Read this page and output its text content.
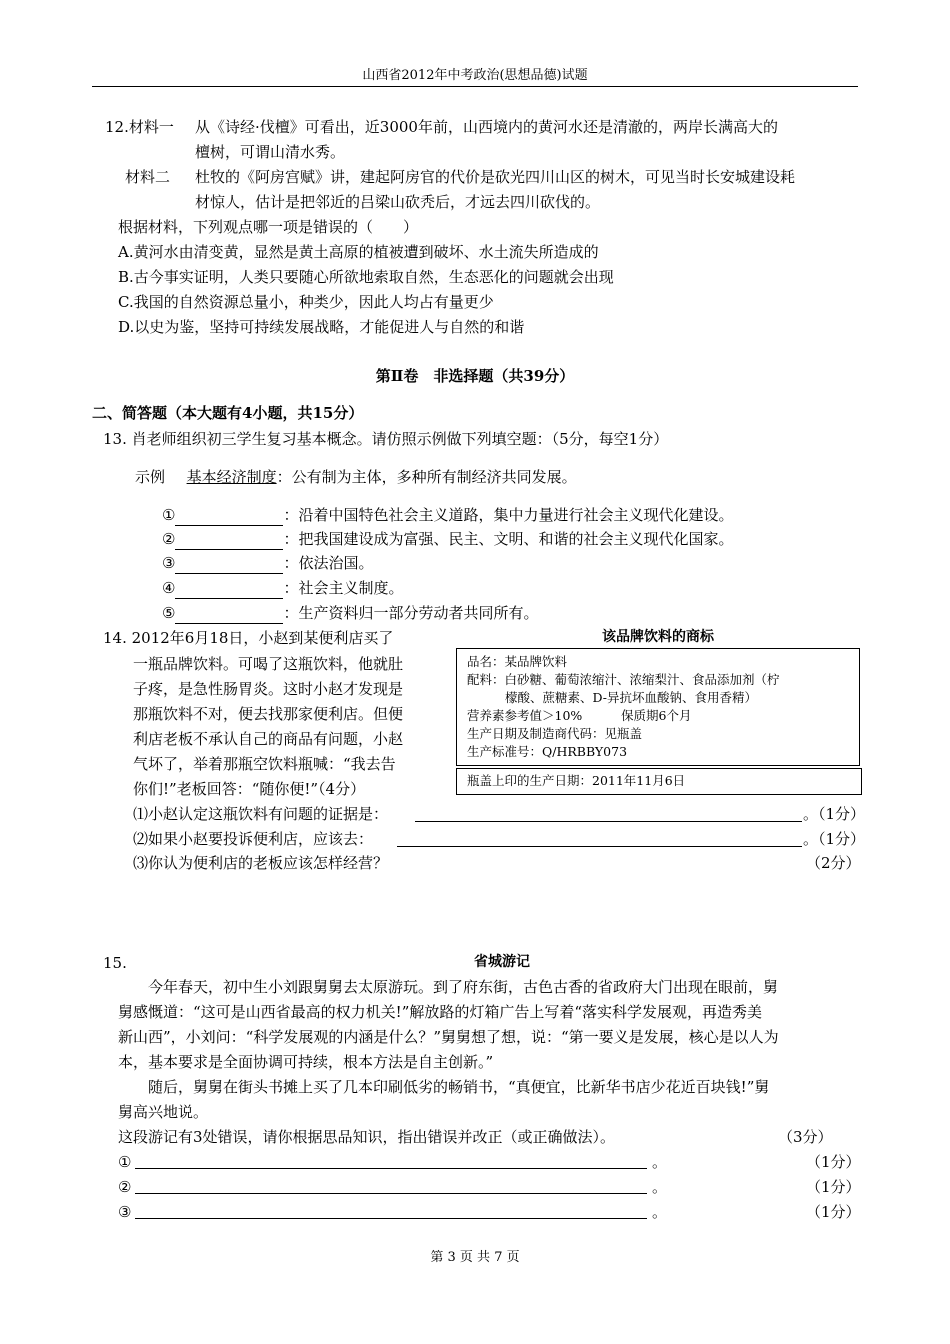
山西省2012年中考政治(思想品德)试题
12.材料一 从《诗经·伐檀》可看出，近3000年前，山西境内的黄河水还是清澈的，两岸长满高大的
檀树，可谓山清水秀。
材料二 杜牧的《阿房宫赋》讲，建起阿房官的代价是砍光四川山区的树木，可见当时长安城建设耗
材惊人，估计是把邻近的吕梁山砍秃后，才远去四川砍伐的。
根据材料，下列观点哪一项是错误的（　　）
A.黄河水由清变黄，显然是黄土高原的植被遭到破坏、水土流失所造成的
B.古今事实证明，人类只要随心所欲地索取自然，生态恶化的问题就会出现
C.我国的自然资源总量小，种类少，因此人均占有量更少
D.以史为鉴，坚持可持续发展战略，才能促进人与自然的和谐
第Ⅱ卷　非选择题（共39分）
二、简答题（本大题有4小题，共15分）
13. 肖老师组织初三学生复习基本概念。请仿照示例做下列填空题：（5分，每空1分）
示例 基本经济制度：公有制为主体，多种所有制经济共同发展。
①	：沿着中国特色社会主义道路，集中力量进行社会主义现代化建设。
②	：把我国建设成为富强、民主、文明、和谐的社会主义现代化国家。
③	：依法治国。
④	：社会主义制度。
⑤	：生产资料归一部分劳动者共同所有。
14. 2012年6月18日，小赵到某便利店买了
一瓶品牌饮料。可喝了这瓶饮料，他就肚
子疼，是急性肠胃炎。这时小赵才发现是
那瓶饮料不对，便去找那家便利店。但便
利店老板不承认自己的商品有问题，小赵
气坏了，举着那瓶空饮料瓶喊：“我去告
你们!”老板回答：“随你便!”（4分）
该品牌饮料的商标
品名：某品牌饮料
配料：白砂糖、葡萄浓缩汁、浓缩梨汁、食品添加剂（柠
檬酸、蔗糖素、D-异抗坏血酸钠、食用香精）
营养素参考值＞10%	保质期6个月
生产日期及制造商代码：见瓶盖
生产标准号：Q/HRBBY073
瓶盖上印的生产日期：2011年11月6日
⑴小赵认定这瓶饮料有问题的证据是：	。（1分）
⑵如果小赵要投诉便利店，应该去：	。（1分）
⑶你认为便利店的老板应该怎样经营？	（2分）
15.	省城游记
今年春天，初中生小刘跟舅舅去太原游玩。到了府东街，古色古香的省政府大门出现在眼前，舅
舅感慨道：“这可是山西省最高的权力机关!”解放路的灯箱广告上写着“落实科学发展观，再造秀美
新山西”，小刘问：“科学发展观的内涵是什么？”舅舅想了想，说：“第一要义是发展，核心是以人为
本，基本要求是全面协调可持续，根本方法是自主创新。”
随后，舅舅在街头书摊上买了几本印刷低劣的畅销书，“真便宜，比新华书店少花近百块钱!”舅
舅高兴地说。
这段游记有3处错误，请你根据思品知识，指出错误并改正（或正确做法）。	（3分）
①	。	（1分）
②	。	（1分）
③	。	（1分）
第 3 页 共 7 页
